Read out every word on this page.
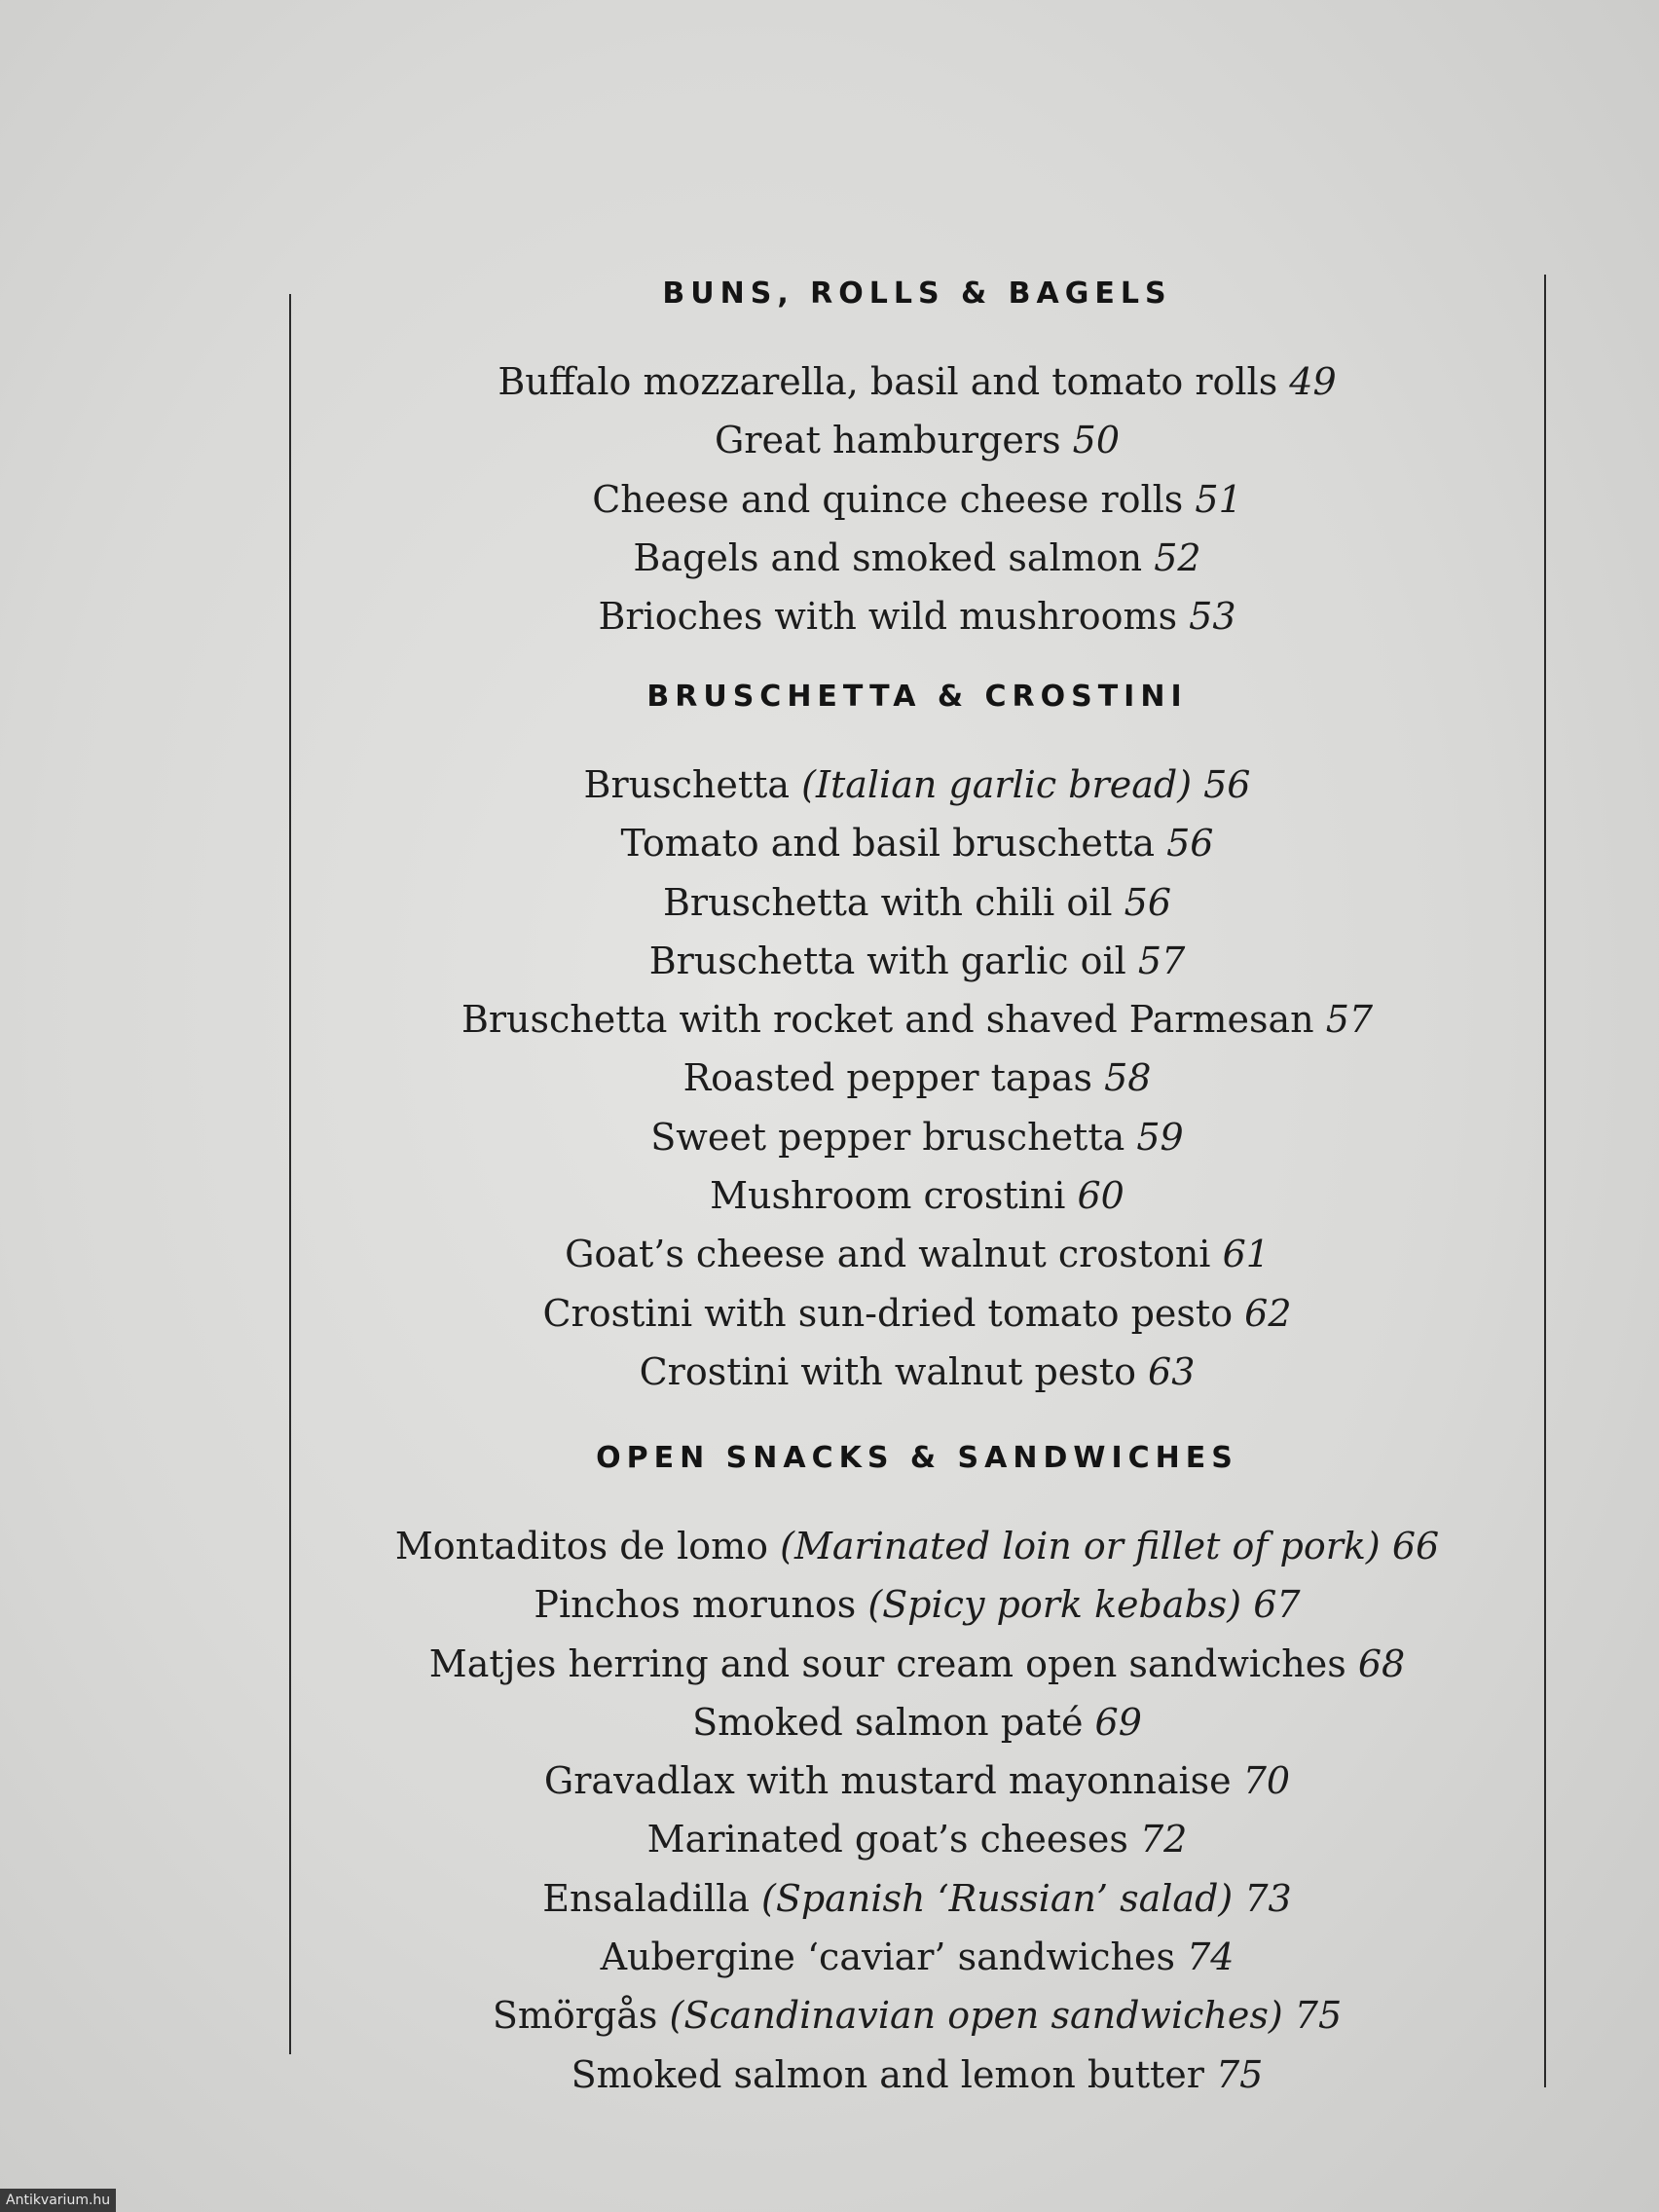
BUNS, ROLLS & BAGELS
Buffalo mozzarella, basil and tomato rolls 49
Great hamburgers 50
Cheese and quince cheese rolls 51
Bagels and smoked salmon 52
Brioches with wild mushrooms 53
BRUSCHETTA & CROSTINI
Bruschetta (Italian garlic bread) 56
Tomato and basil bruschetta 56
Bruschetta with chili oil 56
Bruschetta with garlic oil 57
Bruschetta with rocket and shaved Parmesan 57
Roasted pepper tapas 58
Sweet pepper bruschetta 59
Mushroom crostini 60
Goat’s cheese and walnut crostoni 61
Crostini with sun-dried tomato pesto 62
Crostini with walnut pesto 63
OPEN SNACKS & SANDWICHES
Montaditos de lomo (Marinated loin or fillet of pork) 66
Pinchos morunos (Spicy pork kebabs) 67
Matjes herring and sour cream open sandwiches 68
Smoked salmon paté 69
Gravadlax with mustard mayonnaise 70
Marinated goat’s cheeses 72
Ensaladilla (Spanish ‘Russian’ salad) 73
Aubergine ‘caviar’ sandwiches 74
Smörgås (Scandinavian open sandwiches) 75
Smoked salmon and lemon butter 75
Antikvarium.hu
